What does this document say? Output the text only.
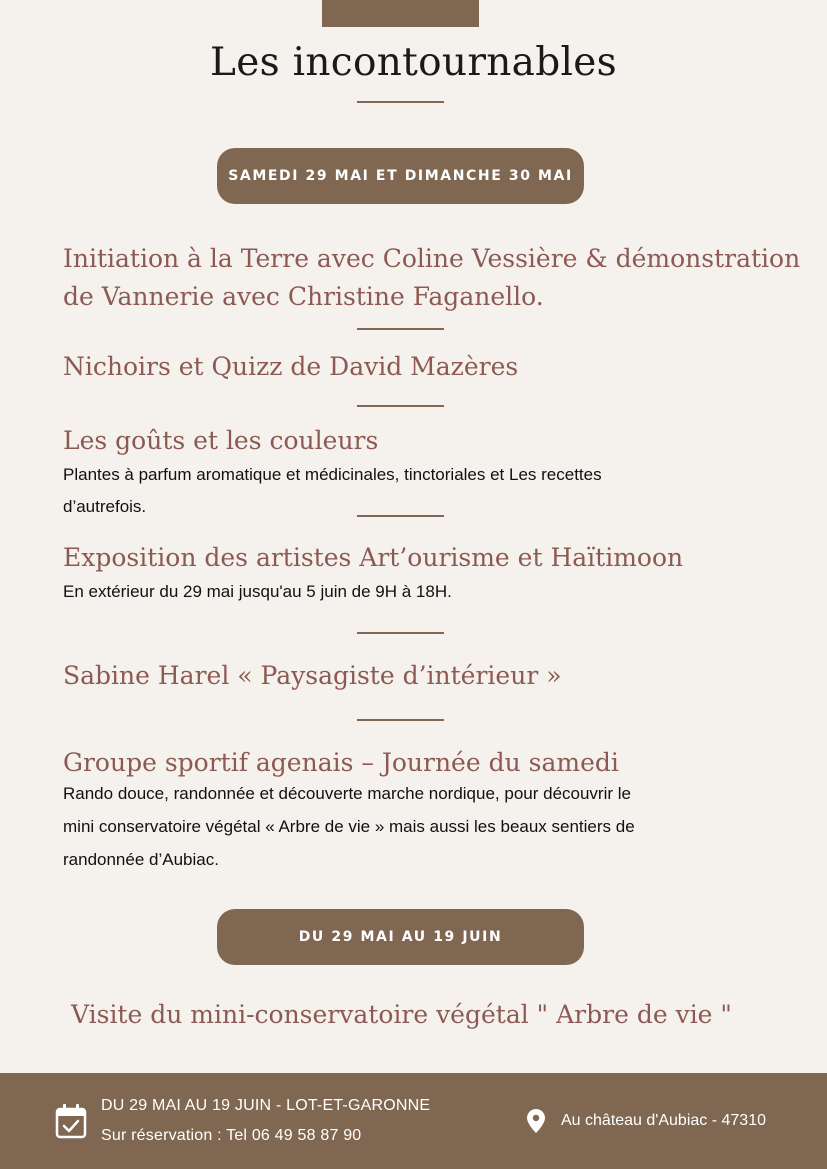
Les incontournables
SAMEDI 29 MAI ET DIMANCHE 30 MAI
Initiation à la Terre avec Coline Vessière & démonstration
de Vannerie avec Christine Faganello.
Nichoirs et Quizz de David Mazères
Les goûts et les couleurs
Plantes à parfum aromatique et médicinales, tinctoriales et Les recettes
d’autrefois.
Exposition des artistes Art’ourisme et Haïtimoon
En extérieur du 29 mai jusqu'au 5 juin de 9H à 18H.
Sabine Harel « Paysagiste d’intérieur »
Groupe sportif agenais – Journée du samedi
Rando douce, randonnée et découverte marche nordique, pour découvrir le
mini conservatoire végétal « Arbre de vie » mais aussi les beaux sentiers de
randonnée d’Aubiac.
DU 29 MAI AU 19 JUIN
Visite du mini-conservatoire végétal " Arbre de vie "
DU 29 MAI AU 19 JUIN - LOT-ET-GARONNE
Sur réservation : Tel 06 49 58 87 90
Au château d'Aubiac - 47310
